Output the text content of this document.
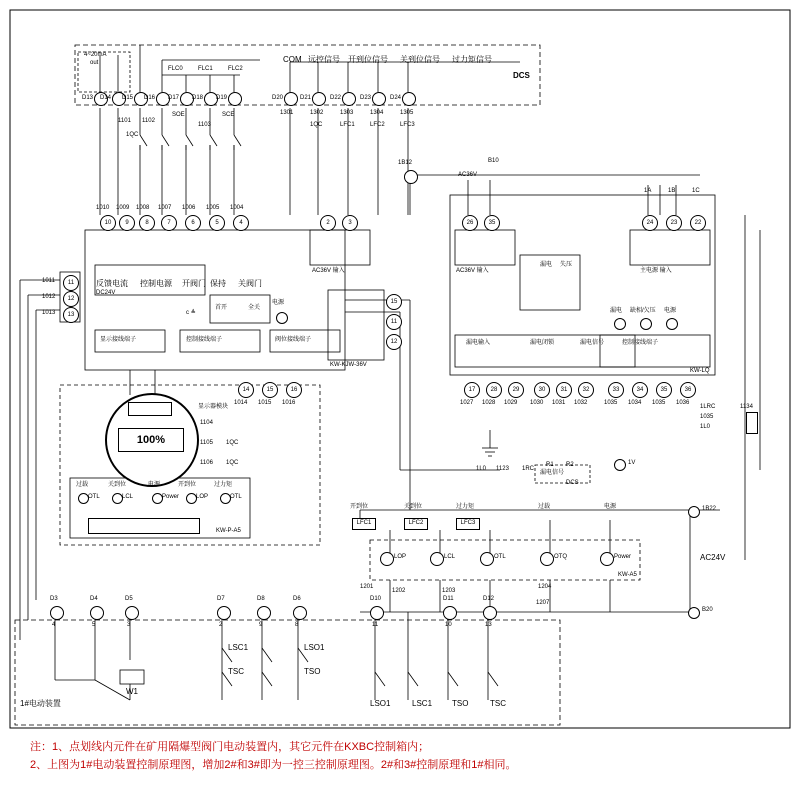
4~20mA
out	COM 远控信号 开到位信号 关到位信号 过力矩信号
DCS
FLC0	FLC1	FLC2
D13 D14 D15 D16 D17 D18 D19	D20	D21	D22	D23	D24
1101 1102
1103
SOE	SCE
1QC
1301	1302	1303	1304	1305
1QC	LFC1	LFC2	LFC3
10	9	8	7	6	5	4
1010 1009 1008 1007 1006 1005 1004
反馈电流 控制电源 开阀门 保持 关阀门
DC24V
11
12
13
1011
1012
1013
显示接线端子	控制接线端子	阀位接线端子
电源
首开	全关
c ≜
14	15	16
1014 1015 1016
100%
显示器模块
1104
1105
1106
1QC
1QC
过载	关到位	电源	开到位	过力矩
OTL	LCL	Power	LOP	OTL
KW-P-A5
2	3
AC36V 输入
KW-KJW-36V
15
11
12
1B12
AC36V
B10
26	35
AC36V 输入
1A	1B	1C
24	23	22
主电源 输入
漏电 失压
漏电输入	漏电闭锁	漏电信号
17	28	29	30	31	32
1027 1028 1029 1030 1031 1032
控制接线端子
漏电 缺相/欠压 电源
33	34	35	36
1035 1034 1035 1036
KW-LQ
1LRC
1035
1L0
1134
1L0 1123 1RC
R1 R2
漏电信号
DCS
1V
开到位	关到位	过力矩	过载	电源
LFC1	LFC2	LFC3
LOP	LCL	OTL	OTQ	Power
1201
1202	1203
1204
1207
KW-A5
1B22
AC24V
B20
D3	D4	D5	D7	D8	D6	D10	D11	D12
4	5	3	2	9	8	11	10	13
LSC1
TSC
LSO1
TSO
LSO1	LSC1 TSO	TSC
W1
1#电动装置
注：1、点划线内元件在矿用隔爆型阀门电动装置内，其它元件在KXBC控制箱内；
2、上图为1#电动装置控制原理图，增加2#和3#即为一控三控制原理图。2#和3#控制原理和1#相同。
